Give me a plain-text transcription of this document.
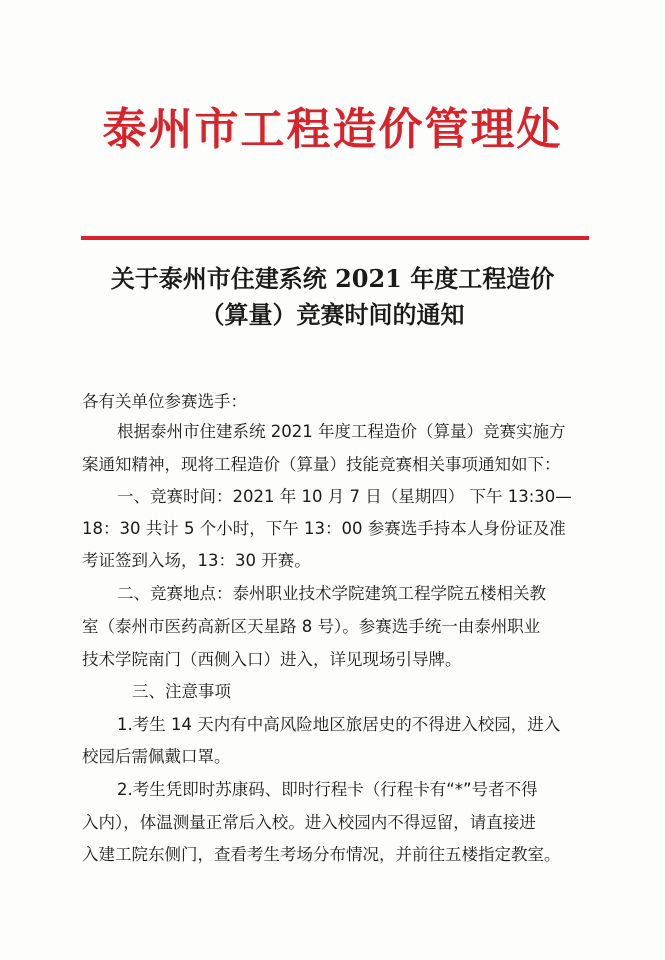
泰州市工程造价管理处
关于泰州市住建系统 2021 年度工程造价
（算量）竞赛时间的通知
各有关单位参赛选手：
根据泰州市住建系统 2021 年度工程造价（算量）竞赛实施方
案通知精神，现将工程造价（算量）技能竞赛相关事项通知如下：
一、竞赛时间：2021 年 10 月 7 日（星期四） 下午 13:30—
18：30 共计 5 个小时，下午 13：00 参赛选手持本人身份证及准
考证签到入场，13：30 开赛。
二、竞赛地点：泰州职业技术学院建筑工程学院五楼相关教
室（泰州市医药高新区天星路 8 号）。参赛选手统一由泰州职业
技术学院南门（西侧入口）进入，详见现场引导牌。
三、注意事项
1.考生 14 天内有中高风险地区旅居史的不得进入校园，进入
校园后需佩戴口罩。
2.考生凭即时苏康码、即时行程卡（行程卡有“*”号者不得
入内），体温测量正常后入校。进入校园内不得逗留，请直接进
入建工院东侧门，查看考生考场分布情况，并前往五楼指定教室。
